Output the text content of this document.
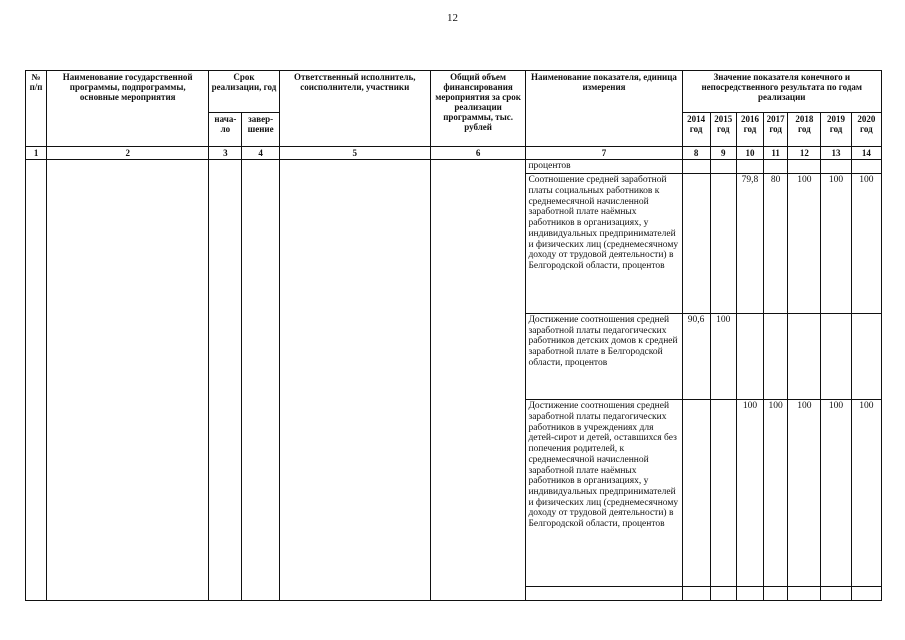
12
№ п/п	Наименование государственной программы, подпрограммы, основные мероприятия	Срок реализации, год		Ответственный исполнитель, соисполнители, участники	Общий объем финансирования мероприятия за срок реализации программы, тыс. рублей	Наименование показателя, единица измерения	Значение показателя конечного и непосредственного результата по годам реализации						
		нача-ло	завер-шение				2014 год	2015 год	2016 год	2017 год	2018 год	2019 год	2020 год
1	2	3	4	5	6	7	8	9	10	11	12	13	14
						процентов							
						Соотношение средней заработной платы социальных работников к среднемесячной начисленной заработной плате наёмных работников в организациях, у индивидуальных предпринимателей и физических лиц (среднемесячному доходу от трудовой деятельности) в Белгородской области, процентов			79,8	80	100	100	100
						Достижение соотношения средней заработной платы педагогических работников детских домов к средней заработной плате в Белгородской области, процентов	90,6	100					
						Достижение соотношения средней заработной платы педагогических работников в учреждениях для детей-сирот и детей, оставшихся без попечения родителей, к среднемесячной начисленной заработной плате наёмных работников в организациях, у индивидуальных предпринимателей и физических лиц (среднемесячному доходу от трудовой деятельности) в Белгородской области, процентов			100	100	100	100	100
